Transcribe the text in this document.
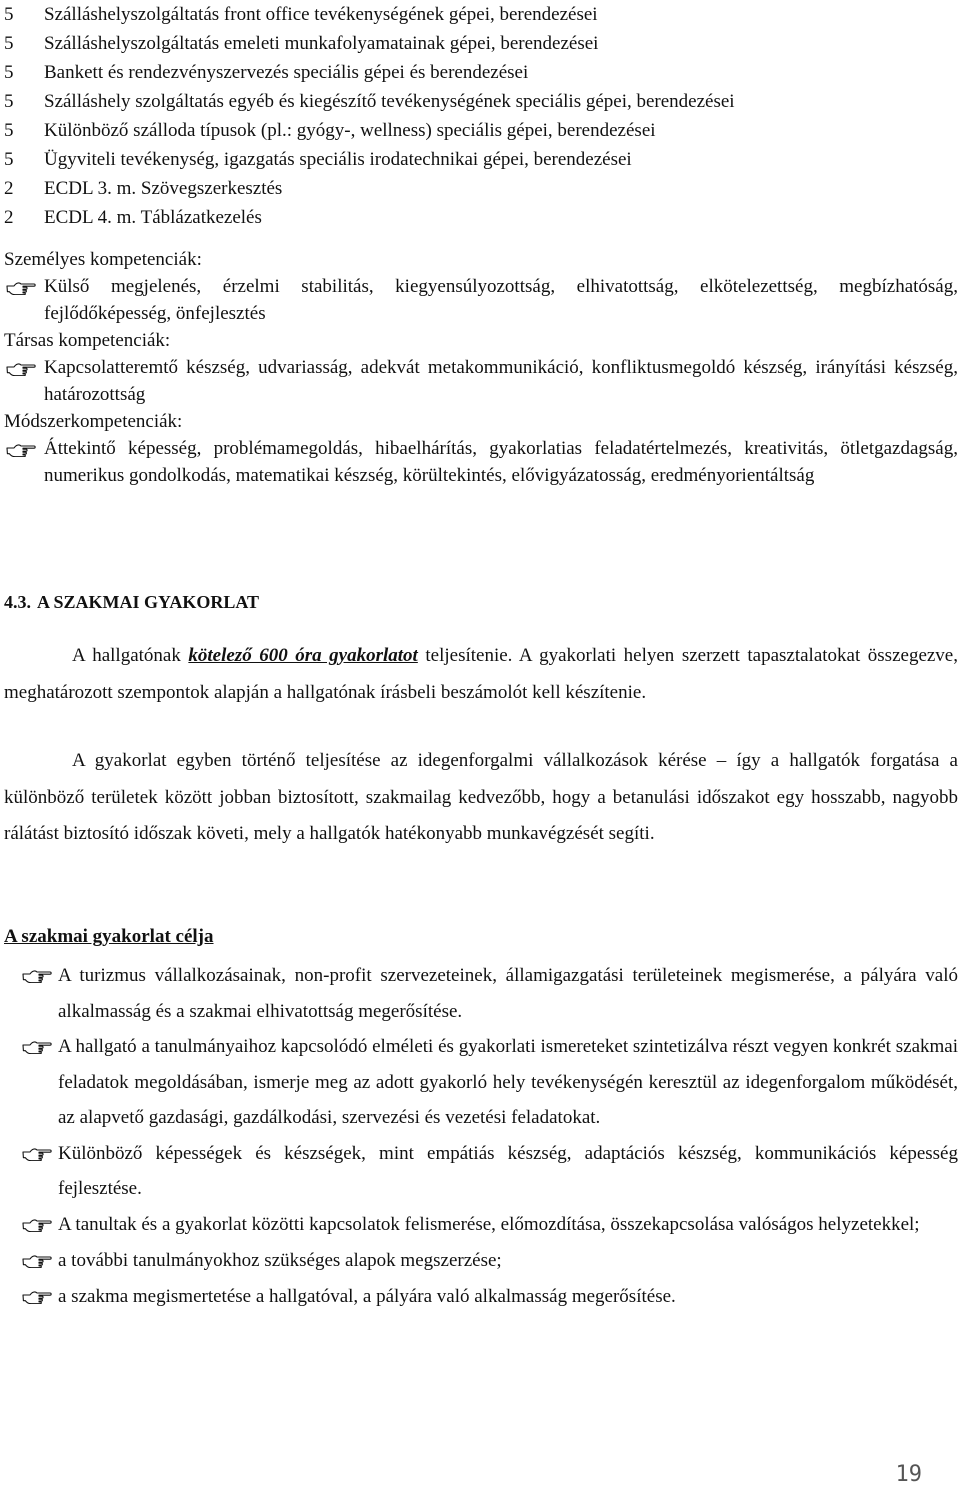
5	Szálláshelyszolgáltatás front office tevékenységének gépei, berendezései
5	Szálláshelyszolgáltatás emeleti munkafolyamatainak gépei, berendezései
5	Bankett és rendezvényszervezés speciális gépei és berendezései
5	Szálláshely szolgáltatás egyéb és kiegészítő tevékenységének speciális gépei, berendezései
5	Különböző szálloda típusok (pl.: gyógy-, wellness) speciális gépei, berendezései
5	Ügyviteli tevékenység, igazgatás speciális irodatechnikai gépei, berendezései
2	ECDL 3. m. Szövegszerkesztés
2	ECDL 4. m. Táblázatkezelés
Személyes kompetenciák:
Külső megjelenés, érzelmi stabilitás, kiegyensúlyozottság, elhivatottság, elkötelezettség, megbízhatóság, fejlődőképesség, önfejlesztés
Társas kompetenciák:
Kapcsolatteremtő készség, udvariasság, adekvát metakommunikáció, konfliktusmegoldó készség, irányítási készség, határozottság
Módszerkompetenciák:
Áttekintő képesség, problémamegoldás, hibaelhárítás, gyakorlatias feladatértelmezés, kreativitás, ötletgazdagság, numerikus gondolkodás, matematikai készség, körültekintés, elővigyázatosság, eredményorientáltság
4.3. A SZAKMAI GYAKORLAT
A hallgatónak kötelező 600 óra gyakorlatot teljesítenie. A gyakorlati helyen szerzett tapasztalatokat összegezve, meghatározott szempontok alapján a hallgatónak írásbeli beszámolót kell készítenie.
A gyakorlat egyben történő teljesítése az idegenforgalmi vállalkozások kérése – így a hallgatók forgatása a különböző területek között jobban biztosított, szakmailag kedvezőbb, hogy a betanulási időszakot egy hosszabb, nagyobb rálátást biztosító időszak követi, mely a hallgatók hatékonyabb munkavégzését segíti.
A szakmai gyakorlat célja
A turizmus vállalkozásainak, non-profit szervezeteinek, államigazgatási területeinek megismerése, a pályára való alkalmasság és a szakmai elhivatottság megerősítése.
A hallgató a tanulmányaihoz kapcsolódó elméleti és gyakorlati ismereteket szintetizálva részt vegyen konkrét szakmai feladatok megoldásában, ismerje meg az adott gyakorló hely tevékenységén keresztül az idegenforgalom működését, az alapvető gazdasági, gazdálkodási, szervezési és vezetési feladatokat.
Különböző képességek és készségek, mint empátiás készség, adaptációs készség, kommunikációs képesség fejlesztése.
A tanultak és a gyakorlat közötti kapcsolatok felismerése, előmozdítása, összekapcsolása valóságos helyzetekkel;
a további tanulmányokhoz szükséges alapok megszerzése;
a szakma megismertetése a hallgatóval, a pályára való alkalmasság megerősítése.
19
